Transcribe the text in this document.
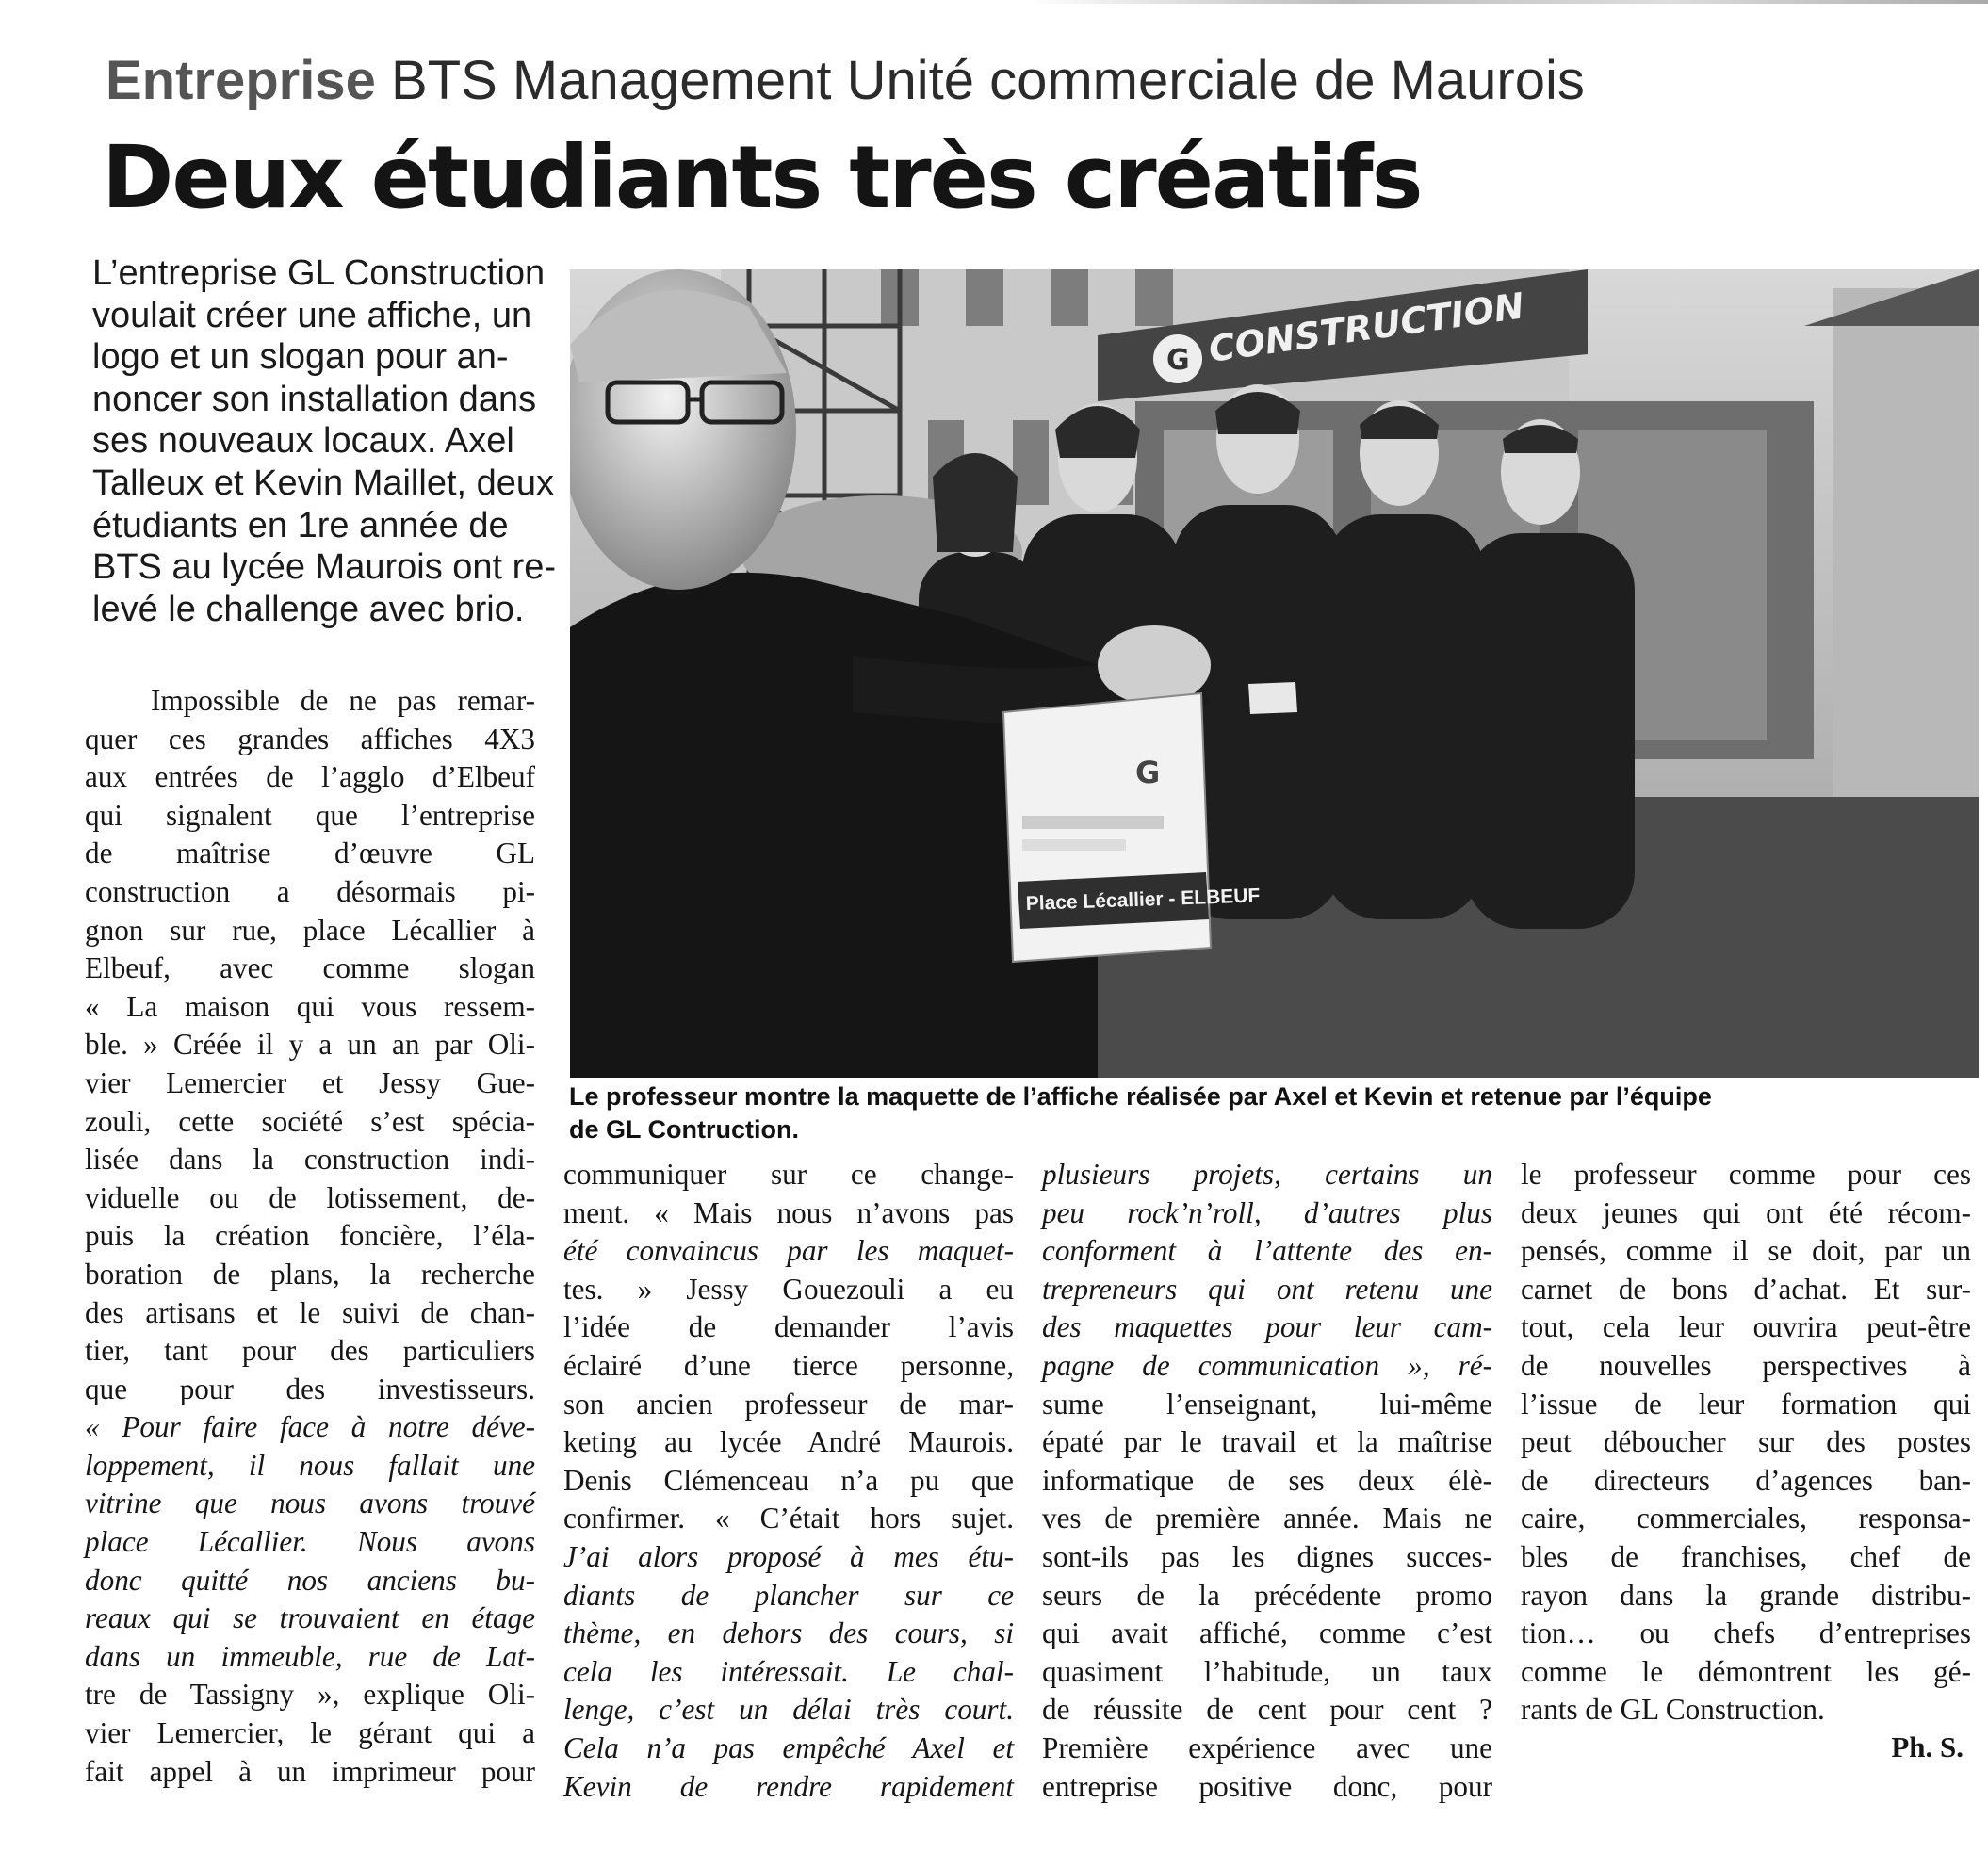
Entreprise BTS Management Unité commerciale de Maurois
Deux étudiants très créatifs
L’entreprise GL Construction
voulait créer une affiche, un
logo et un slogan pour an-
noncer son installation dans
ses nouveaux locaux. Axel
Talleux et Kevin Maillet, deux
étudiants en 1re année de
BTS au lycée Maurois ont re-
levé le challenge avec brio.
Impossible de ne pas remar-
quer ces grandes affiches 4X3
aux entrées de l’agglo d’Elbeuf
qui signalent que l’entreprise
de maîtrise d’œuvre GL
construction a désormais pi-
gnon sur rue, place Lécallier à
Elbeuf, avec comme slogan
« La maison qui vous ressem-
ble. » Créée il y a un an par Oli-
vier Lemercier et Jessy Gue-
zouli, cette société s’est spécia-
lisée dans la construction indi-
viduelle ou de lotissement, de-
puis la création foncière, l’éla-
boration de plans, la recherche
des artisans et le suivi de chan-
tier, tant pour des particuliers
que pour des investisseurs.
« Pour faire face à notre déve-
loppement, il nous fallait une
vitrine que nous avons trouvé
place Lécallier. Nous avons
donc quitté nos anciens bu-
reaux qui se trouvaient en étage
dans un immeuble, rue de Lat-
tre de Tassigny », explique Oli-
vier Lemercier, le gérant qui a
fait appel à un imprimeur pour
G CONSTRUCTION
G
Place Lécallier - ELBEUF
Le professeur montre la maquette de l’affiche réalisée par Axel et Kevin et retenue par l’équipe
de GL Contruction.
communiquer sur ce change-
ment. « Mais nous n’avons pas
été convaincus par les maquet-
tes. » Jessy Gouezouli a eu
l’idée de demander l’avis
éclairé d’une tierce personne,
son ancien professeur de mar-
keting au lycée André Maurois.
Denis Clémenceau n’a pu que
confirmer. « C’était hors sujet.
J’ai alors proposé à mes étu-
diants de plancher sur ce
thème, en dehors des cours, si
cela les intéressait. Le chal-
lenge, c’est un délai très court.
Cela n’a pas empêché Axel et
Kevin de rendre rapidement
plusieurs projets, certains un
peu rock’n’roll, d’autres plus
conforment à l’attente des en-
trepreneurs qui ont retenu une
des maquettes pour leur cam-
pagne de communication », ré-
sume l’enseignant, lui-même
épaté par le travail et la maîtrise
informatique de ses deux élè-
ves de première année. Mais ne
sont-ils pas les dignes succes-
seurs de la précédente promo
qui avait affiché, comme c’est
quasiment l’habitude, un taux
de réussite de cent pour cent ?
Première expérience avec une
entreprise positive donc, pour
le professeur comme pour ces
deux jeunes qui ont été récom-
pensés, comme il se doit, par un
carnet de bons d’achat. Et sur-
tout, cela leur ouvrira peut-être
de nouvelles perspectives à
l’issue de leur formation qui
peut déboucher sur des postes
de directeurs d’agences ban-
caire, commerciales, responsa-
bles de franchises, chef de
rayon dans la grande distribu-
tion… ou chefs d’entreprises
comme le démontrent les gé-
rants de GL Construction.
Ph. S.
